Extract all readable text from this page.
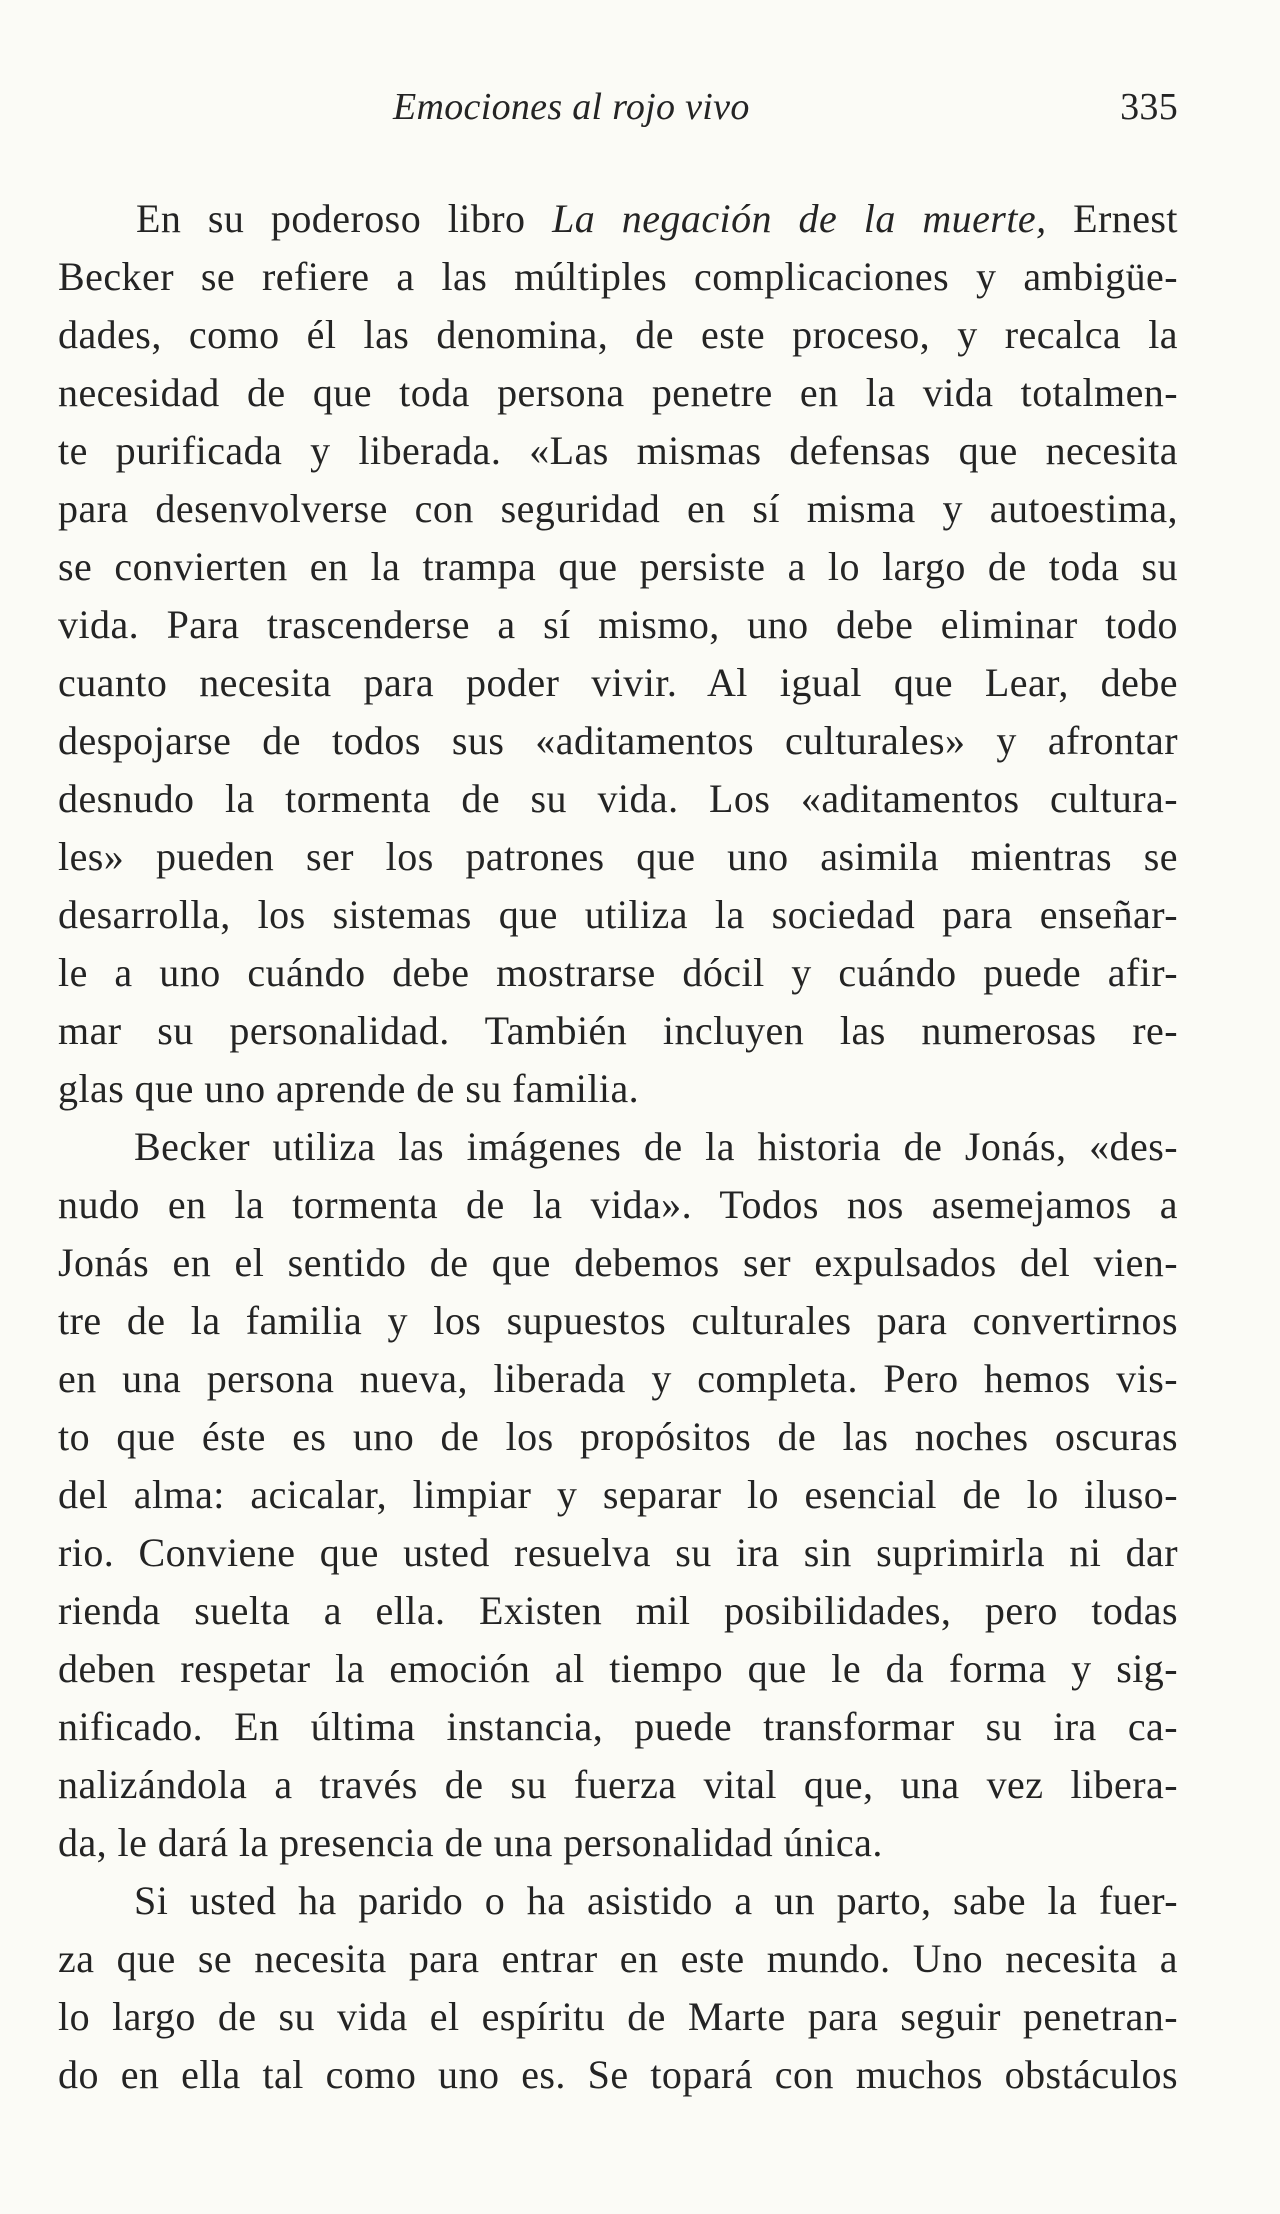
Emociones al rojo vivo	335
En su poderoso libro La negación de la muerte, Ernest
Becker se refiere a las múltiples complicaciones y ambigüe-
dades, como él las denomina, de este proceso, y recalca la
necesidad de que toda persona penetre en la vida totalmen-
te purificada y liberada. «Las mismas defensas que necesita
para desenvolverse con seguridad en sí misma y autoestima,
se convierten en la trampa que persiste a lo largo de toda su
vida. Para trascenderse a sí mismo, uno debe eliminar todo
cuanto necesita para poder vivir. Al igual que Lear, debe
despojarse de todos sus «aditamentos culturales» y afrontar
desnudo la tormenta de su vida. Los «aditamentos cultura-
les» pueden ser los patrones que uno asimila mientras se
desarrolla, los sistemas que utiliza la sociedad para enseñar-
le a uno cuándo debe mostrarse dócil y cuándo puede afir-
mar su personalidad. También incluyen las numerosas re-
glas que uno aprende de su familia.
Becker utiliza las imágenes de la historia de Jonás, «des-
nudo en la tormenta de la vida». Todos nos asemejamos a
Jonás en el sentido de que debemos ser expulsados del vien-
tre de la familia y los supuestos culturales para convertirnos
en una persona nueva, liberada y completa. Pero hemos vis-
to que éste es uno de los propósitos de las noches oscuras
del alma: acicalar, limpiar y separar lo esencial de lo iluso-
rio. Conviene que usted resuelva su ira sin suprimirla ni dar
rienda suelta a ella. Existen mil posibilidades, pero todas
deben respetar la emoción al tiempo que le da forma y sig-
nificado. En última instancia, puede transformar su ira ca-
nalizándola a través de su fuerza vital que, una vez libera-
da, le dará la presencia de una personalidad única.
Si usted ha parido o ha asistido a un parto, sabe la fuer-
za que se necesita para entrar en este mundo. Uno necesita a
lo largo de su vida el espíritu de Marte para seguir penetran-
do en ella tal como uno es. Se topará con muchos obstáculos
